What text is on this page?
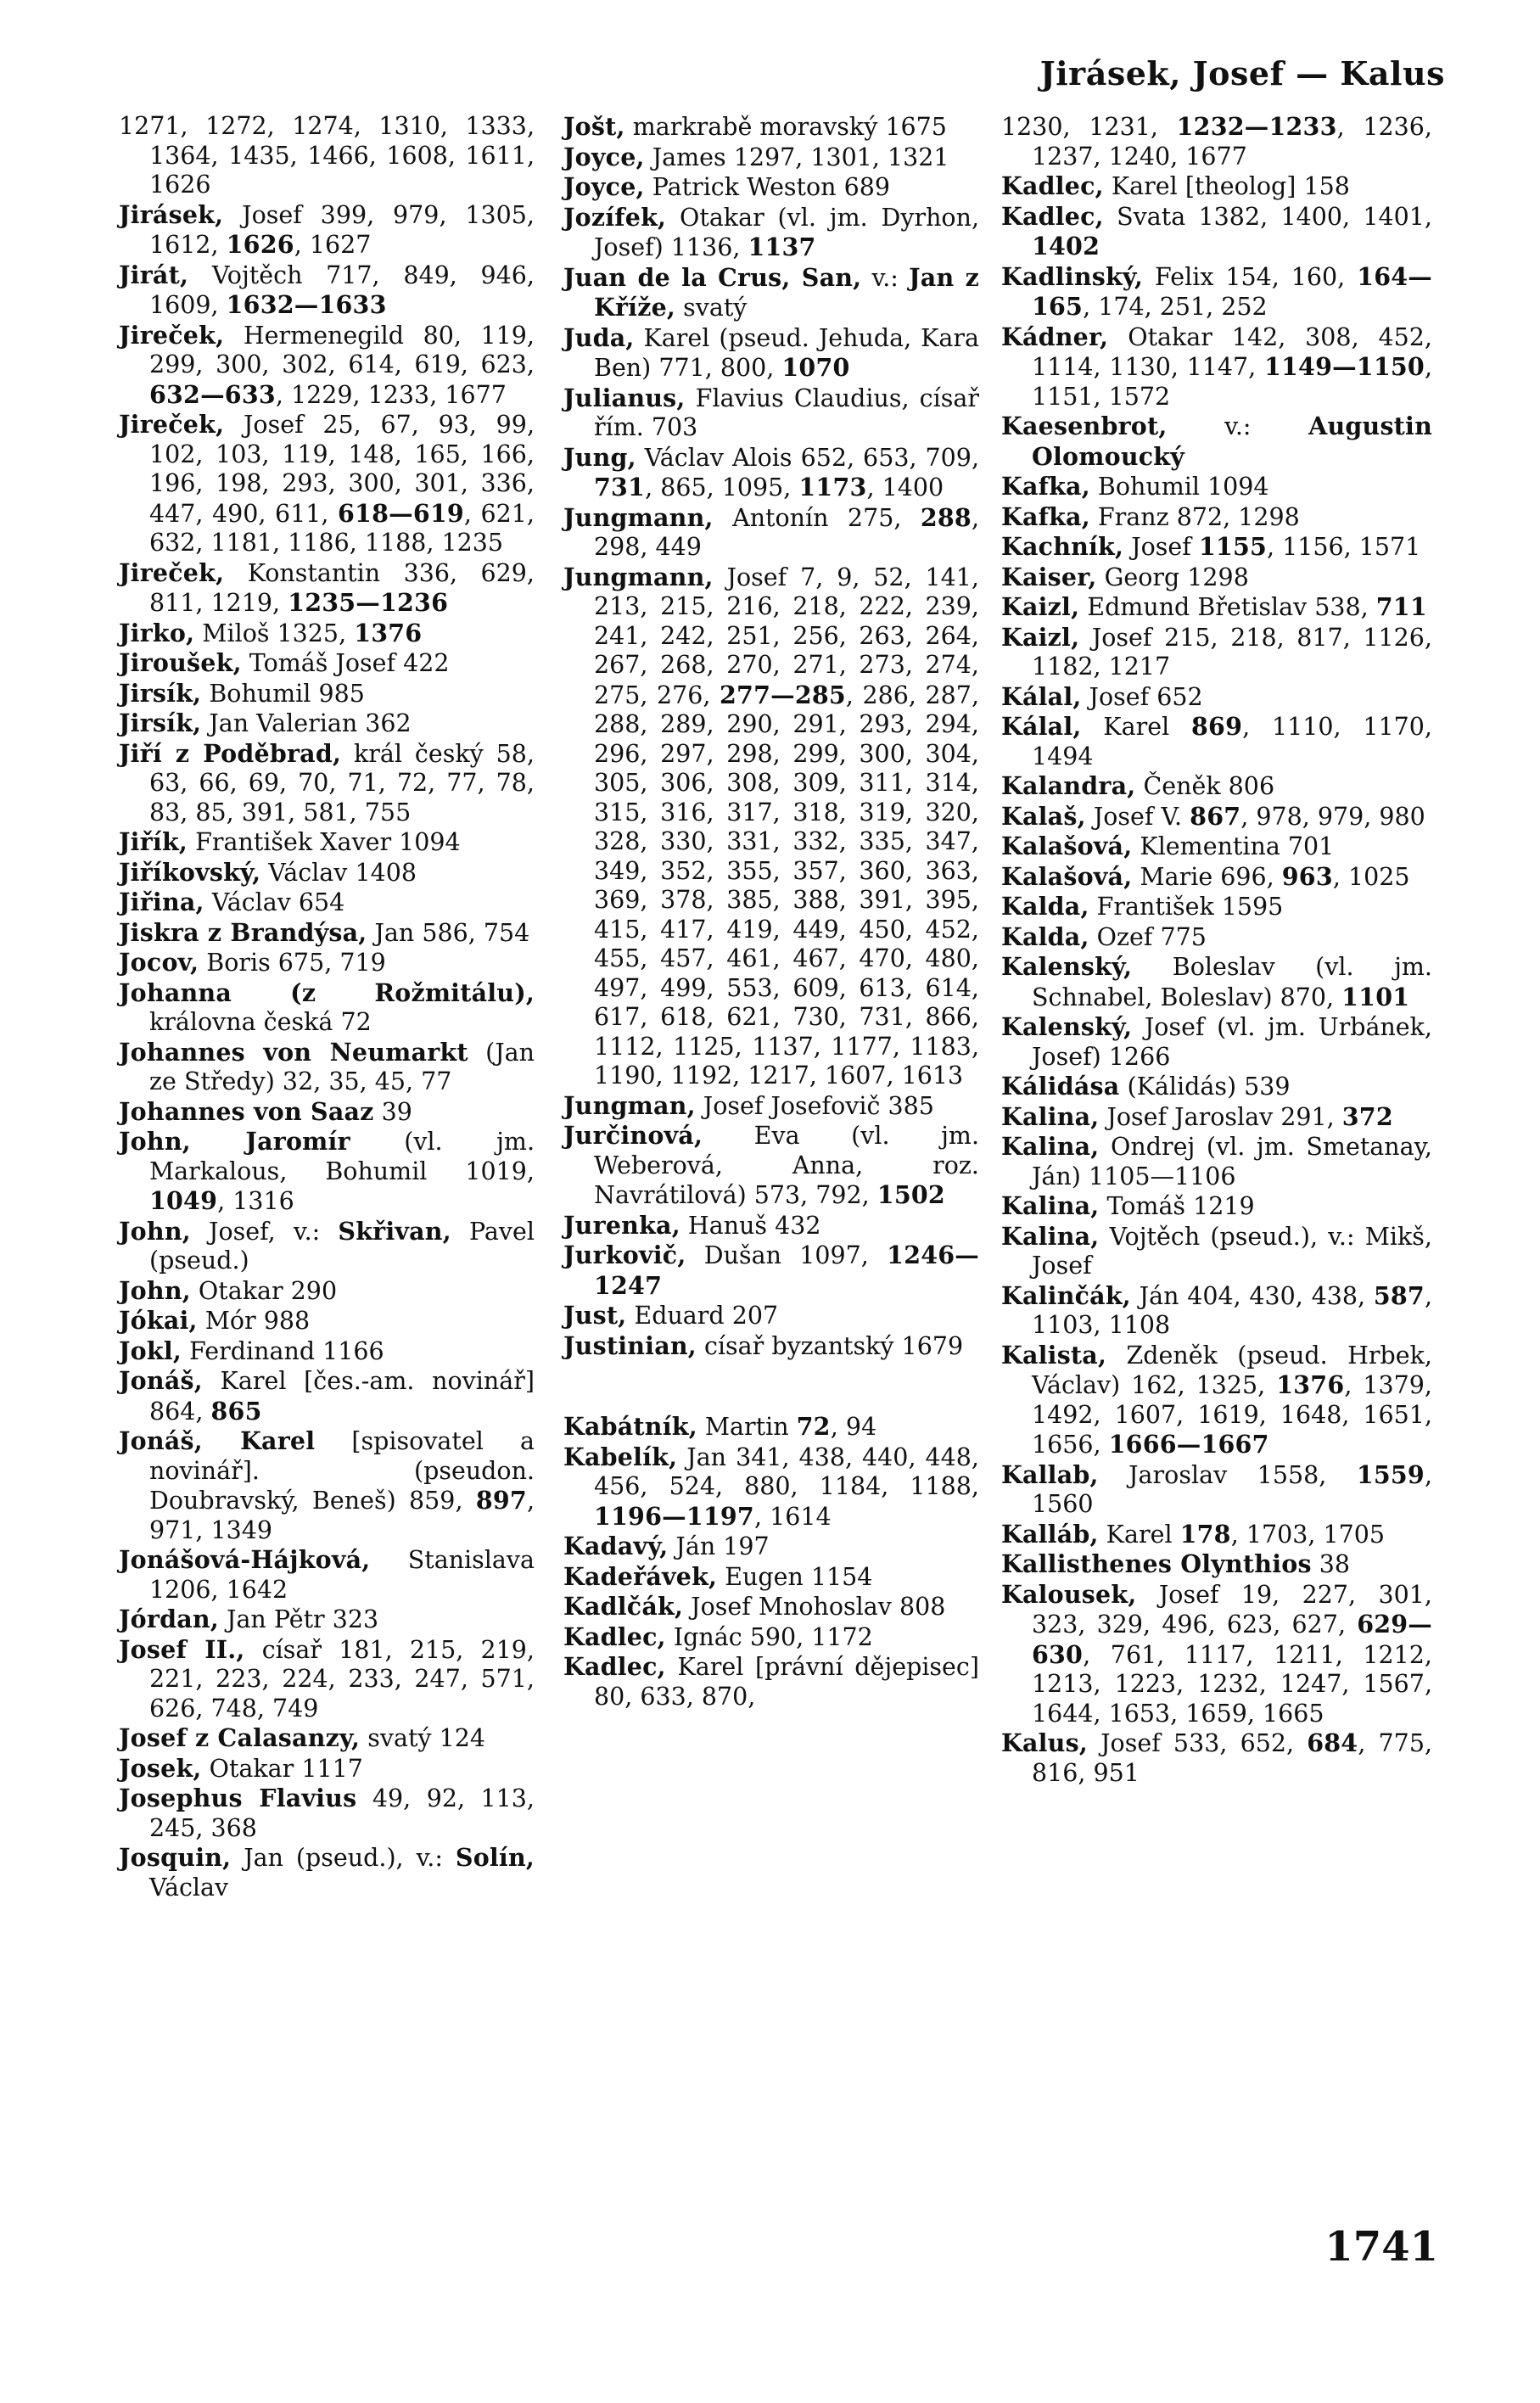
Jirásek, Josef — Kalus
1271, 1272, 1274, 1310, 1333, 1364, 1435, 1466, 1608, 1611, 1626
Jirásek, Josef 399, 979, 1305, 1612, 1626, 1627
Jirát, Vojtěch 717, 849, 946, 1609, 1632—1633
Jireček, Hermenegild 80, 119, 299, 300, 302, 614, 619, 623, 632—633, 1229, 1233, 1677
Jireček, Josef 25, 67, 93, 99, 102, 103, 119, 148, 165, 166, 196, 198, 293, 300, 301, 336, 447, 490, 611, 618—619, 621, 632, 1181, 1186, 1188, 1235
Jireček, Konstantin 336, 629, 811, 1219, 1235—1236
Jirko, Miloš 1325, 1376
Jiroušek, Tomáš Josef 422
Jirsík, Bohumil 985
Jirsík, Jan Valerian 362
Jiří z Poděbrad, král český 58, 63, 66, 69, 70, 71, 72, 77, 78, 83, 85, 391, 581, 755
Jiřík, František Xaver 1094
Jiříkovský, Václav 1408
Jiřina, Václav 654
Jiskra z Brandýsa, Jan 586, 754
Jocov, Boris 675, 719
Johanna (z Rožmitálu), královna česká 72
Johannes von Neumarkt (Jan ze Středy) 32, 35, 45, 77
Johannes von Saaz 39
John, Jaromír (vl. jm. Markalous, Bohumil 1019, 1049, 1316
John, Josef, v.: Skřivan, Pavel (pseud.)
John, Otakar 290
Jókai, Mór 988
Jokl, Ferdinand 1166
Jonáš, Karel [čes.-am. novinář] 864, 865
Jonáš, Karel [spisovatel a novinář]. (pseudon. Doubravský, Beneš) 859, 897, 971, 1349
Jonášová-Hájková, Stanislava 1206, 1642
Jórdan, Jan Pětr 323
Josef II., císař 181, 215, 219, 221, 223, 224, 233, 247, 571, 626, 748, 749
Josef z Calasanzy, svatý 124
Josek, Otakar 1117
Josephus Flavius 49, 92, 113, 245, 368
Josquin, Jan (pseud.), v.: Solín, Václav
Jošt, markrabě moravský 1675
Joyce, James 1297, 1301, 1321
Joyce, Patrick Weston 689
Jozífek, Otakar (vl. jm. Dyrhon, Josef) 1136, 1137
Juan de la Crus, San, v.: Jan z Kříže, svatý
Juda, Karel (pseud. Jehuda, Kara Ben) 771, 800, 1070
Julianus, Flavius Claudius, císař řím. 703
Jung, Václav Alois 652, 653, 709, 731, 865, 1095, 1173, 1400
Jungmann, Antonín 275, 288, 298, 449
Jungmann, Josef 7, 9, 52, 141, 213, 215, 216, 218, 222, 239, 241, 242, 251, 256, 263, 264, 267, 268, 270, 271, 273, 274, 275, 276, 277—285, 286, 287, 288, 289, 290, 291, 293, 294, 296, 297, 298, 299, 300, 304, 305, 306, 308, 309, 311, 314, 315, 316, 317, 318, 319, 320, 328, 330, 331, 332, 335, 347, 349, 352, 355, 357, 360, 363, 369, 378, 385, 388, 391, 395, 415, 417, 419, 449, 450, 452, 455, 457, 461, 467, 470, 480, 497, 499, 553, 609, 613, 614, 617, 618, 621, 730, 731, 866, 1112, 1125, 1137, 1177, 1183, 1190, 1192, 1217, 1607, 1613
Jungman, Josef Josefovič 385
Jurčinová, Eva (vl. jm. Weberová, Anna, roz. Navrátilová) 573, 792, 1502
Jurenka, Hanuš 432
Jurkovič, Dušan 1097, 1246—1247
Just, Eduard 207
Justinian, císař byzantský 1679
Kabátník, Martin 72, 94
Kabelík, Jan 341, 438, 440, 448, 456, 524, 880, 1184, 1188, 1196—1197, 1614
Kadavý, Ján 197
Kadeřávek, Eugen 1154
Kadlčák, Josef Mnohoslav 808
Kadlec, Ignác 590, 1172
Kadlec, Karel [právní dějepisec] 80, 633, 870,
1230, 1231, 1232—1233, 1236, 1237, 1240, 1677
Kadlec, Karel [theolog] 158
Kadlec, Svata 1382, 1400, 1401, 1402
Kadlinský, Felix 154, 160, 164—165, 174, 251, 252
Kádner, Otakar 142, 308, 452, 1114, 1130, 1147, 1149—1150, 1151, 1572
Kaesenbrot, v.: Augustin Olomoucký
Kafka, Bohumil 1094
Kafka, Franz 872, 1298
Kachník, Josef 1155, 1156, 1571
Kaiser, Georg 1298
Kaizl, Edmund Břetislav 538, 711
Kaizl, Josef 215, 218, 817, 1126, 1182, 1217
Kálal, Josef 652
Kálal, Karel 869, 1110, 1170, 1494
Kalandra, Čeněk 806
Kalaš, Josef V. 867, 978, 979, 980
Kalašová, Klementina 701
Kalašová, Marie 696, 963, 1025
Kalda, František 1595
Kalda, Ozef 775
Kalenský, Boleslav (vl. jm. Schnabel, Boleslav) 870, 1101
Kalenský, Josef (vl. jm. Urbánek, Josef) 1266
Kálidása (Kálidás) 539
Kalina, Josef Jaroslav 291, 372
Kalina, Ondrej (vl. jm. Smetanay, Ján) 1105—1106
Kalina, Tomáš 1219
Kalina, Vojtěch (pseud.), v.: Mikš, Josef
Kalinčák, Ján 404, 430, 438, 587, 1103, 1108
Kalista, Zdeněk (pseud. Hrbek, Václav) 162, 1325, 1376, 1379, 1492, 1607, 1619, 1648, 1651, 1656, 1666—1667
Kallab, Jaroslav 1558, 1559, 1560
Kalláb, Karel 178, 1703, 1705
Kallisthenes Olynthios 38
Kalousek, Josef 19, 227, 301, 323, 329, 496, 623, 627, 629—630, 761, 1117, 1211, 1212, 1213, 1223, 1232, 1247, 1567, 1644, 1653, 1659, 1665
Kalus, Josef 533, 652, 684, 775, 816, 951
1741
